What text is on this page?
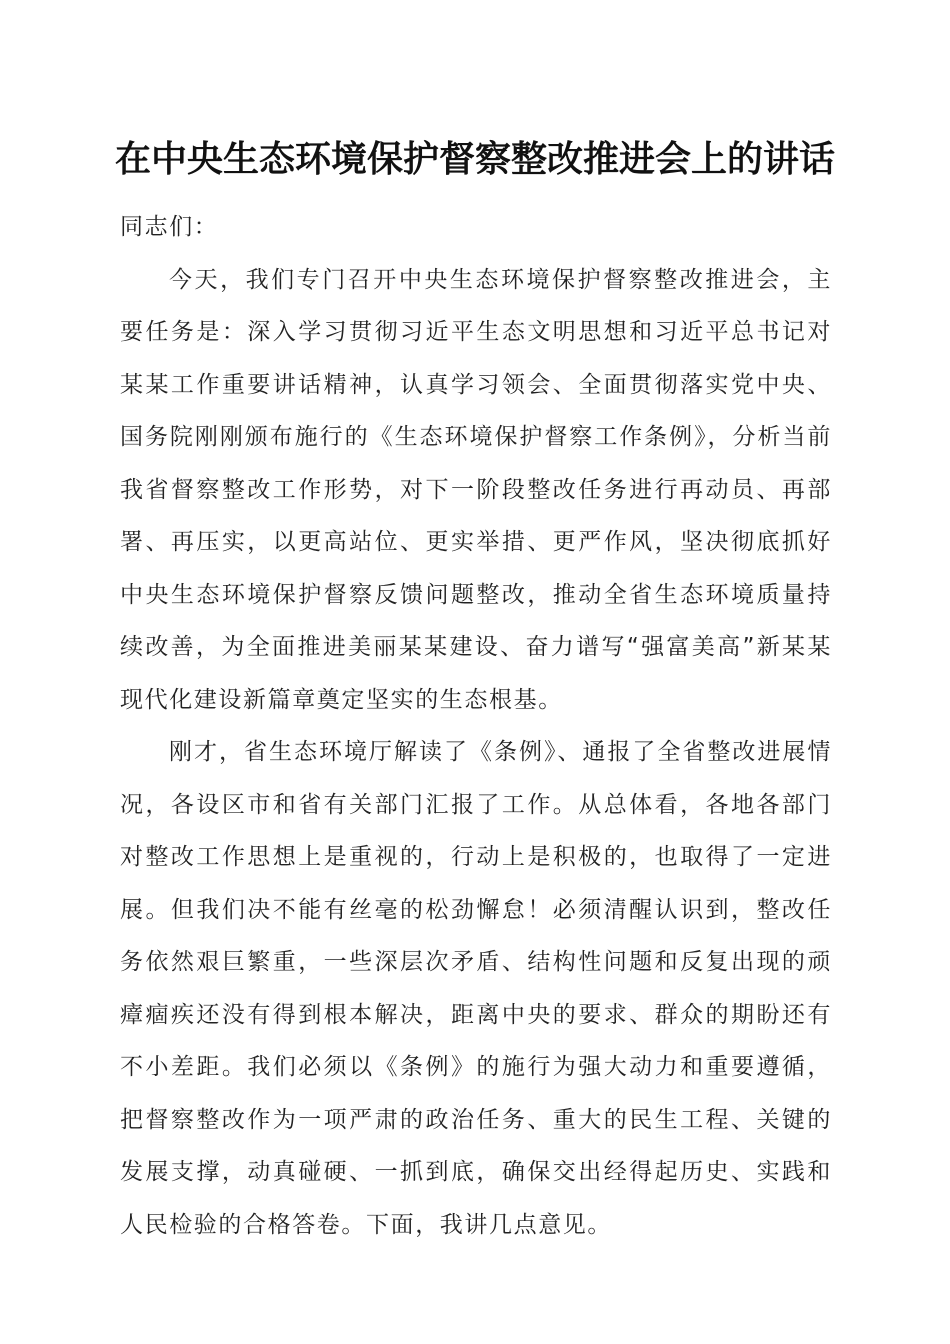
在中央生态环境保护督察整改推进会上的讲话

同志们：

今天，我们专门召开中央生态环境保护督察整改推进会，主要任务是：深入学习贯彻习近平生态文明思想和习近平总书记对某某工作重要讲话精神，认真学习领会、全面贯彻落实党中央、国务院刚刚颁布施行的《生态环境保护督察工作条例》，分析当前我省督察整改工作形势，对下一阶段整改任务进行再动员、再部署、再压实，以更高站位、更实举措、更严作风，坚决彻底抓好中央生态环境保护督察反馈问题整改，推动全省生态环境质量持续改善，为全面推进美丽某某建设、奋力谱写“强富美高”新某某现代化建设新篇章奠定坚实的生态根基。

刚才，省生态环境厅解读了《条例》、通报了全省整改进展情况，各设区市和省有关部门汇报了工作。从总体看，各地各部门对整改工作思想上是重视的，行动上是积极的，也取得了一定进展。但我们决不能有丝毫的松劲懈怠！必须清醒认识到，整改任务依然艰巨繁重，一些深层次矛盾、结构性问题和反复出现的顽瘴痼疾还没有得到根本解决，距离中央的要求、群众的期盼还有不小差距。我们必须以《条例》的施行为强大动力和重要遵循，把督察整改作为一项严肃的政治任务、重大的民生工程、关键的发展支撑，动真碰硬、一抓到底，确保交出经得起历史、实践和人民检验的合格答卷。下面，我讲几点意见。
